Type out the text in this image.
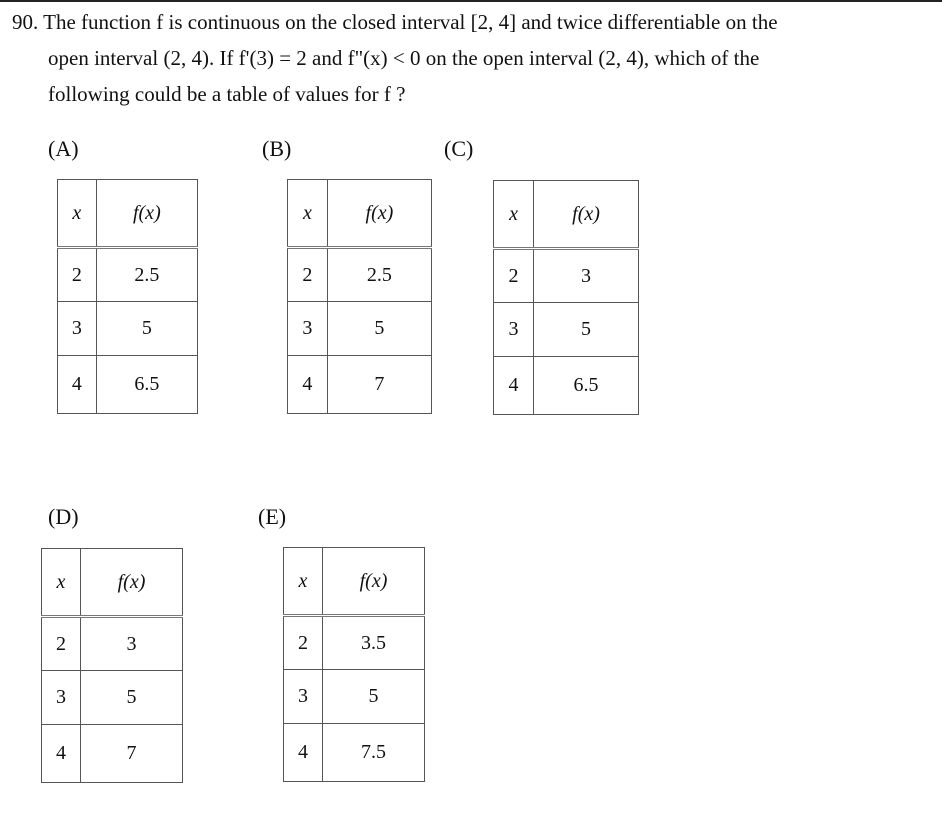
90. The function f is continuous on the closed interval [2, 4] and twice differentiable on the
open interval (2, 4). If f'(3) = 2 and f"(x) < 0 on the open interval (2, 4), which of the
following could be a table of values for f ?
(A)
x	f(x)
2	2.5
3	5
4	6.5
(B)
x	f(x)
2	2.5
3	5
4	7
(C)
x	f(x)
2	3
3	5
4	6.5
(D)
x	f(x)
2	3
3	5
4	7
(E)
x	f(x)
2	3.5
3	5
4	7.5
